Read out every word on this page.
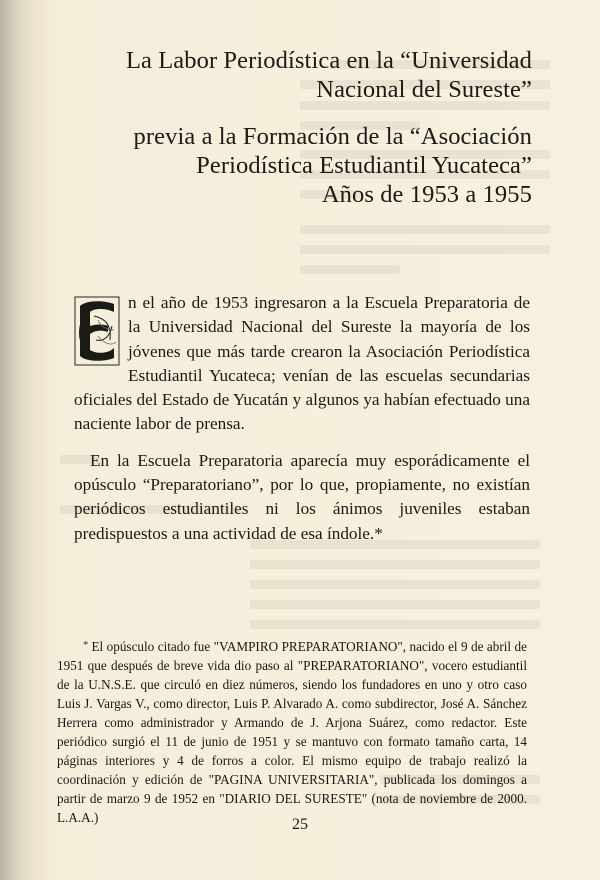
La Labor Periodística en la “Universidad
Nacional del Sureste”
previa a la Formación de la “Asociación
Periodística Estudiantil Yucateca”
Años de 1953 a 1955
n el año de 1953 ingresaron a la Escuela Preparatoria de la Universidad Nacional del Sureste la mayoría de los jóvenes que más tarde crearon la Asociación Periodística Estudiantil Yucateca; venían de las escuelas secundarias oficiales del Estado de Yucatán y algunos ya habían efectuado una naciente labor de prensa.
En la Escuela Preparatoria aparecía muy esporádicamente el opúsculo “Preparatoriano”, por lo que, propiamente, no existían periódicos estudiantiles ni los ánimos juveniles estaban predispuestos a una actividad de esa índole.*
* El opúsculo citado fue "VAMPIRO PREPARATORIANO", nacido el 9 de abril de 1951 que después de breve vida dio paso al "PREPARATORIANO", vocero estudiantil de la U.N.S.E. que circuló en diez números, siendo los fundadores en uno y otro caso Luis J. Vargas V., como director, Luis P. Alvarado A. como subdirector, José A. Sánchez Herrera como administrador y Armando de J. Arjona Suárez, como redactor. Este periódico surgió el 11 de junio de 1951 y se mantuvo con formato tamaño carta, 14 páginas interiores y 4 de forros a color. El mismo equipo de trabajo realizó la coordinación y edición de "PAGINA UNIVERSITARIA", publicada los domingos a partir de marzo 9 de 1952 en "DIARIO DEL SURESTE" (nota de noviembre de 2000. L.A.A.)	25
